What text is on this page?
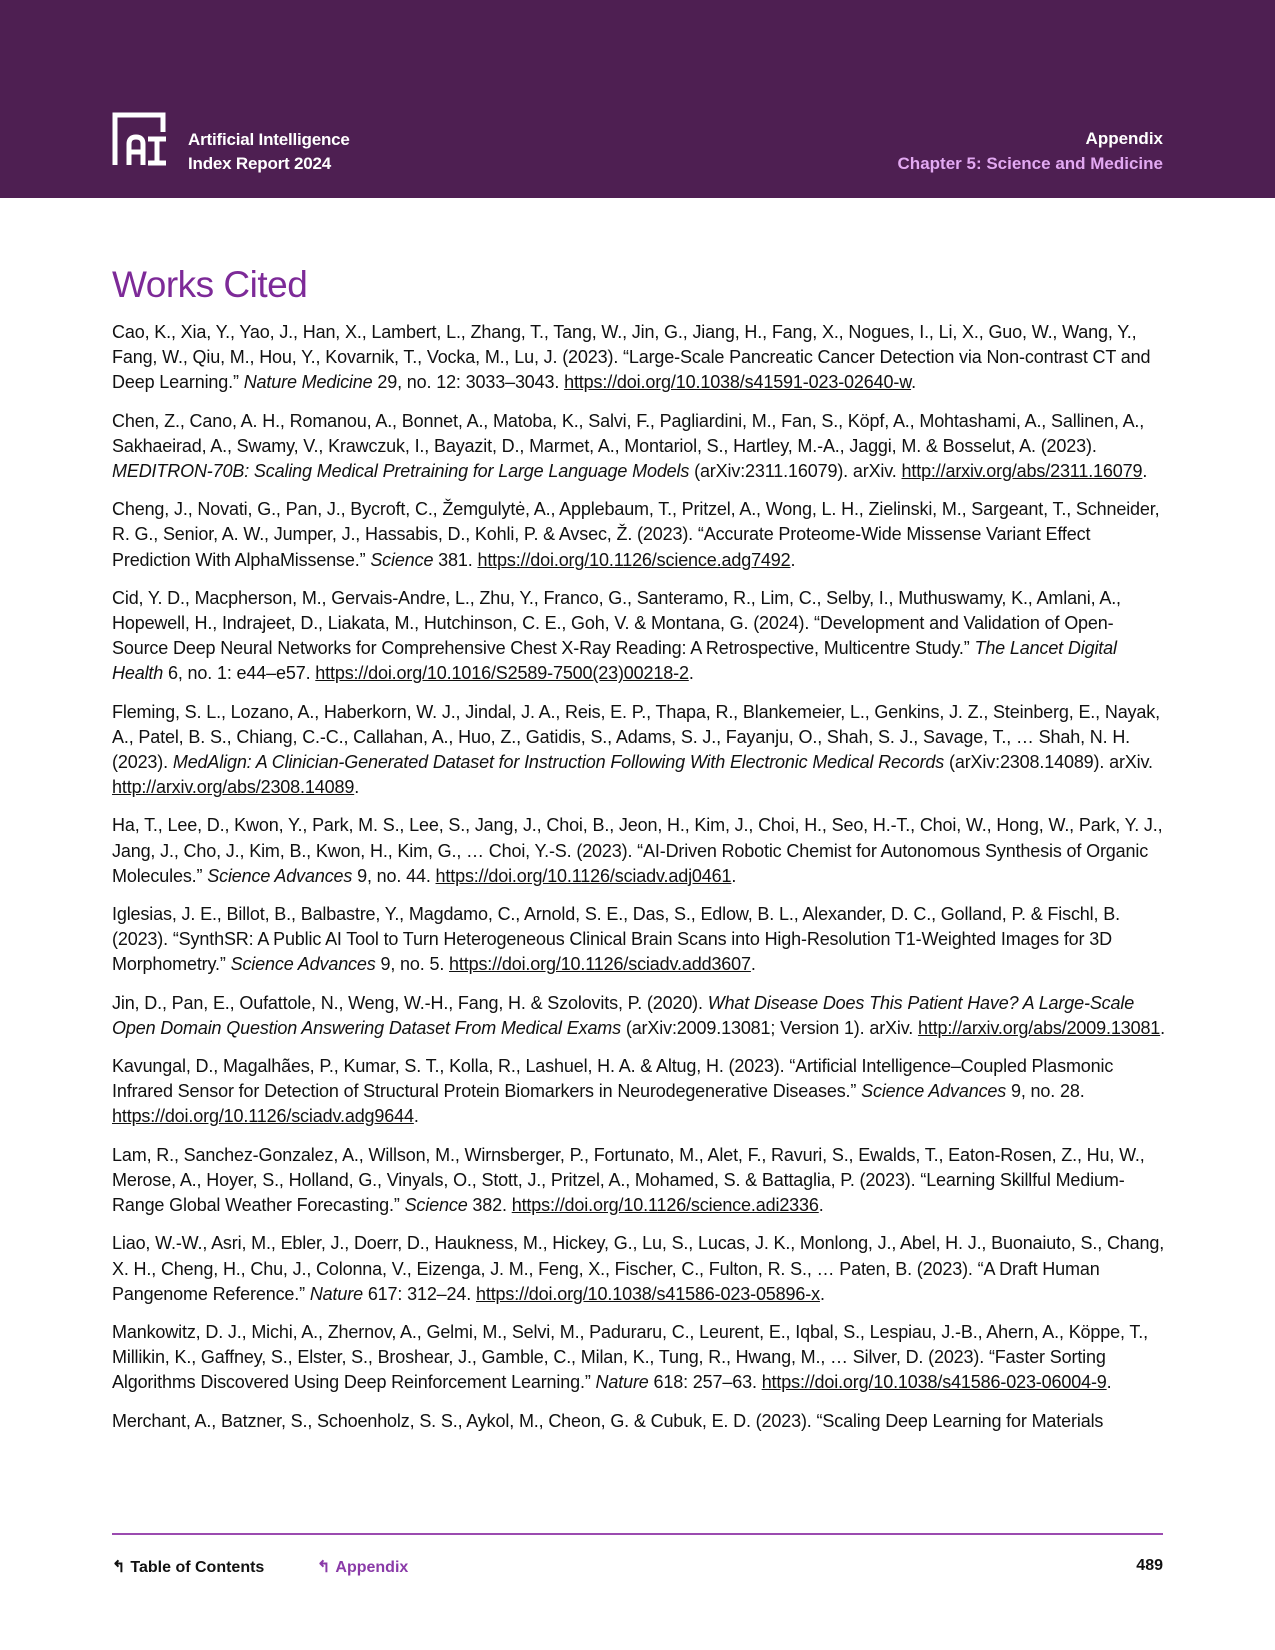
Artificial Intelligence
Index Report 2024
Appendix
Chapter 5: Science and Medicine
Works Cited

Cao, K., Xia, Y., Yao, J., Han, X., Lambert, L., Zhang, T., Tang, W., Jin, G., Jiang, H., Fang, X., Nogues, I., Li, X., Guo, W., Wang, Y., Fang, W., Qiu, M., Hou, Y., Kovarnik, T., Vocka, M., Lu, J. (2023). “Large-Scale Pancreatic Cancer Detection via Non-contrast CT and Deep Learning.” Nature Medicine 29, no. 12: 3033–3043. https://doi.org/10.1038/s41591-023-02640-w.

Chen, Z., Cano, A. H., Romanou, A., Bonnet, A., Matoba, K., Salvi, F., Pagliardini, M., Fan, S., Köpf, A., Mohtashami, A., Sallinen, A., Sakhaeirad, A., Swamy, V., Krawczuk, I., Bayazit, D., Marmet, A., Montariol, S., Hartley, M.-A., Jaggi, M. & Bosselut, A. (2023). MEDITRON-70B: Scaling Medical Pretraining for Large Language Models (arXiv:2311.16079). arXiv. http://arxiv.org/abs/2311.16079.

Cheng, J., Novati, G., Pan, J., Bycroft, C., Žemgulytė, A., Applebaum, T., Pritzel, A., Wong, L. H., Zielinski, M., Sargeant, T., Schneider, R. G., Senior, A. W., Jumper, J., Hassabis, D., Kohli, P. & Avsec, Ž. (2023). “Accurate Proteome-Wide Missense Variant Effect Prediction With AlphaMissense.” Science 381. https://doi.org/10.1126/science.adg7492.

Cid, Y. D., Macpherson, M., Gervais-Andre, L., Zhu, Y., Franco, G., Santeramo, R., Lim, C., Selby, I., Muthuswamy, K., Amlani, A., Hopewell, H., Indrajeet, D., Liakata, M., Hutchinson, C. E., Goh, V. & Montana, G. (2024). “Development and Validation of Open-Source Deep Neural Networks for Comprehensive Chest X-Ray Reading: A Retrospective, Multicentre Study.” The Lancet Digital Health 6, no. 1: e44–e57. https://doi.org/10.1016/S2589-7500(23)00218-2.

Fleming, S. L., Lozano, A., Haberkorn, W. J., Jindal, J. A., Reis, E. P., Thapa, R., Blankemeier, L., Genkins, J. Z., Steinberg, E., Nayak, A., Patel, B. S., Chiang, C.-C., Callahan, A., Huo, Z., Gatidis, S., Adams, S. J., Fayanju, O., Shah, S. J., Savage, T., … Shah, N. H. (2023). MedAlign: A Clinician-Generated Dataset for Instruction Following With Electronic Medical Records (arXiv:2308.14089). arXiv. http://arxiv.org/abs/2308.14089.

Ha, T., Lee, D., Kwon, Y., Park, M. S., Lee, S., Jang, J., Choi, B., Jeon, H., Kim, J., Choi, H., Seo, H.-T., Choi, W., Hong, W., Park, Y. J., Jang, J., Cho, J., Kim, B., Kwon, H., Kim, G., … Choi, Y.-S. (2023). “AI-Driven Robotic Chemist for Autonomous Synthesis of Organic Molecules.” Science Advances 9, no. 44. https://doi.org/10.1126/sciadv.adj0461.

Iglesias, J. E., Billot, B., Balbastre, Y., Magdamo, C., Arnold, S. E., Das, S., Edlow, B. L., Alexander, D. C., Golland, P. & Fischl, B. (2023). “SynthSR: A Public AI Tool to Turn Heterogeneous Clinical Brain Scans into High-Resolution T1-Weighted Images for 3D Morphometry.” Science Advances 9, no. 5. https://doi.org/10.1126/sciadv.add3607.

Jin, D., Pan, E., Oufattole, N., Weng, W.-H., Fang, H. & Szolovits, P. (2020). What Disease Does This Patient Have? A Large-Scale Open Domain Question Answering Dataset From Medical Exams (arXiv:2009.13081; Version 1). arXiv. http://arxiv.org/abs/2009.13081.

Kavungal, D., Magalhães, P., Kumar, S. T., Kolla, R., Lashuel, H. A. & Altug, H. (2023). “Artificial Intelligence–Coupled Plasmonic Infrared Sensor for Detection of Structural Protein Biomarkers in Neurodegenerative Diseases.” Science Advances 9, no. 28. https://doi.org/10.1126/sciadv.adg9644.

Lam, R., Sanchez-Gonzalez, A., Willson, M., Wirnsberger, P., Fortunato, M., Alet, F., Ravuri, S., Ewalds, T., Eaton-Rosen, Z., Hu, W., Merose, A., Hoyer, S., Holland, G., Vinyals, O., Stott, J., Pritzel, A., Mohamed, S. & Battaglia, P. (2023). “Learning Skillful Medium-Range Global Weather Forecasting.” Science 382. https://doi.org/10.1126/science.adi2336.

Liao, W.-W., Asri, M., Ebler, J., Doerr, D., Haukness, M., Hickey, G., Lu, S., Lucas, J. K., Monlong, J., Abel, H. J., Buonaiuto, S., Chang, X. H., Cheng, H., Chu, J., Colonna, V., Eizenga, J. M., Feng, X., Fischer, C., Fulton, R. S., … Paten, B. (2023). “A Draft Human Pangenome Reference.” Nature 617: 312–24. https://doi.org/10.1038/s41586-023-05896-x.

Mankowitz, D. J., Michi, A., Zhernov, A., Gelmi, M., Selvi, M., Paduraru, C., Leurent, E., Iqbal, S., Lespiau, J.-B., Ahern, A., Köppe, T., Millikin, K., Gaffney, S., Elster, S., Broshear, J., Gamble, C., Milan, K., Tung, R., Hwang, M., … Silver, D. (2023). “Faster Sorting Algorithms Discovered Using Deep Reinforcement Learning.” Nature 618: 257–63. https://doi.org/10.1038/s41586-023-06004-9.

Merchant, A., Batzner, S., Schoenholz, S. S., Aykol, M., Cheon, G. & Cubuk, E. D. (2023). “Scaling Deep Learning for Materials

↰ Table of Contents	↰ Appendix	489
